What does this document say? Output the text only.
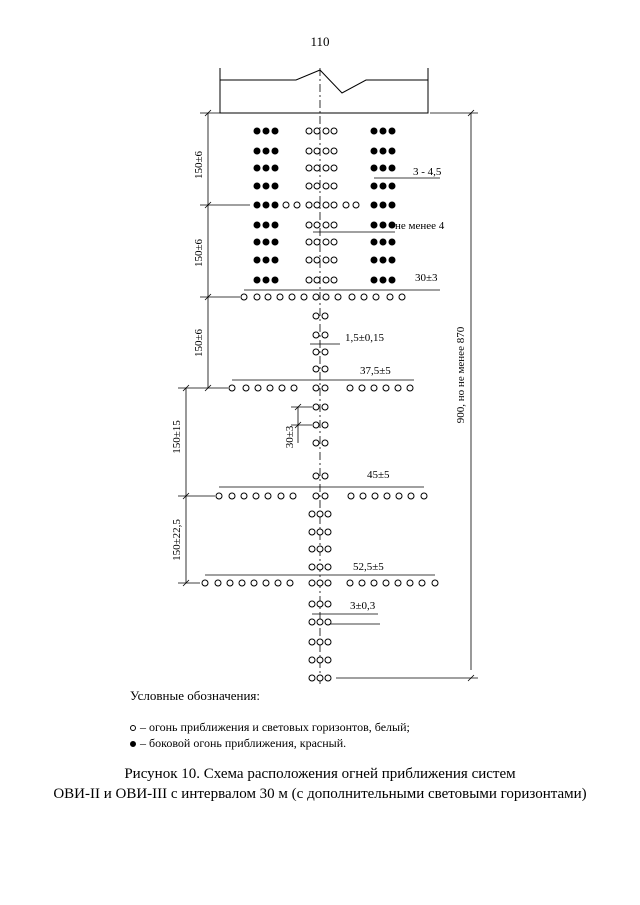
110
150±6
150±6
150±6
150±15
150±22,5
30±3
3 - 4,5
не менее 4
30±3
1,5±0,15
37,5±5
45±5
52,5±5
3±0,3
900, но не менее 870
Условные обозначения:
– огонь приближения и световых горизонтов, белый;
– боковой огонь приближения, красный.
Рисунок 10. Схема расположения огней приближения систем
ОВИ-II и ОВИ-III с интервалом 30 м (с дополнительными световыми горизонтами)
